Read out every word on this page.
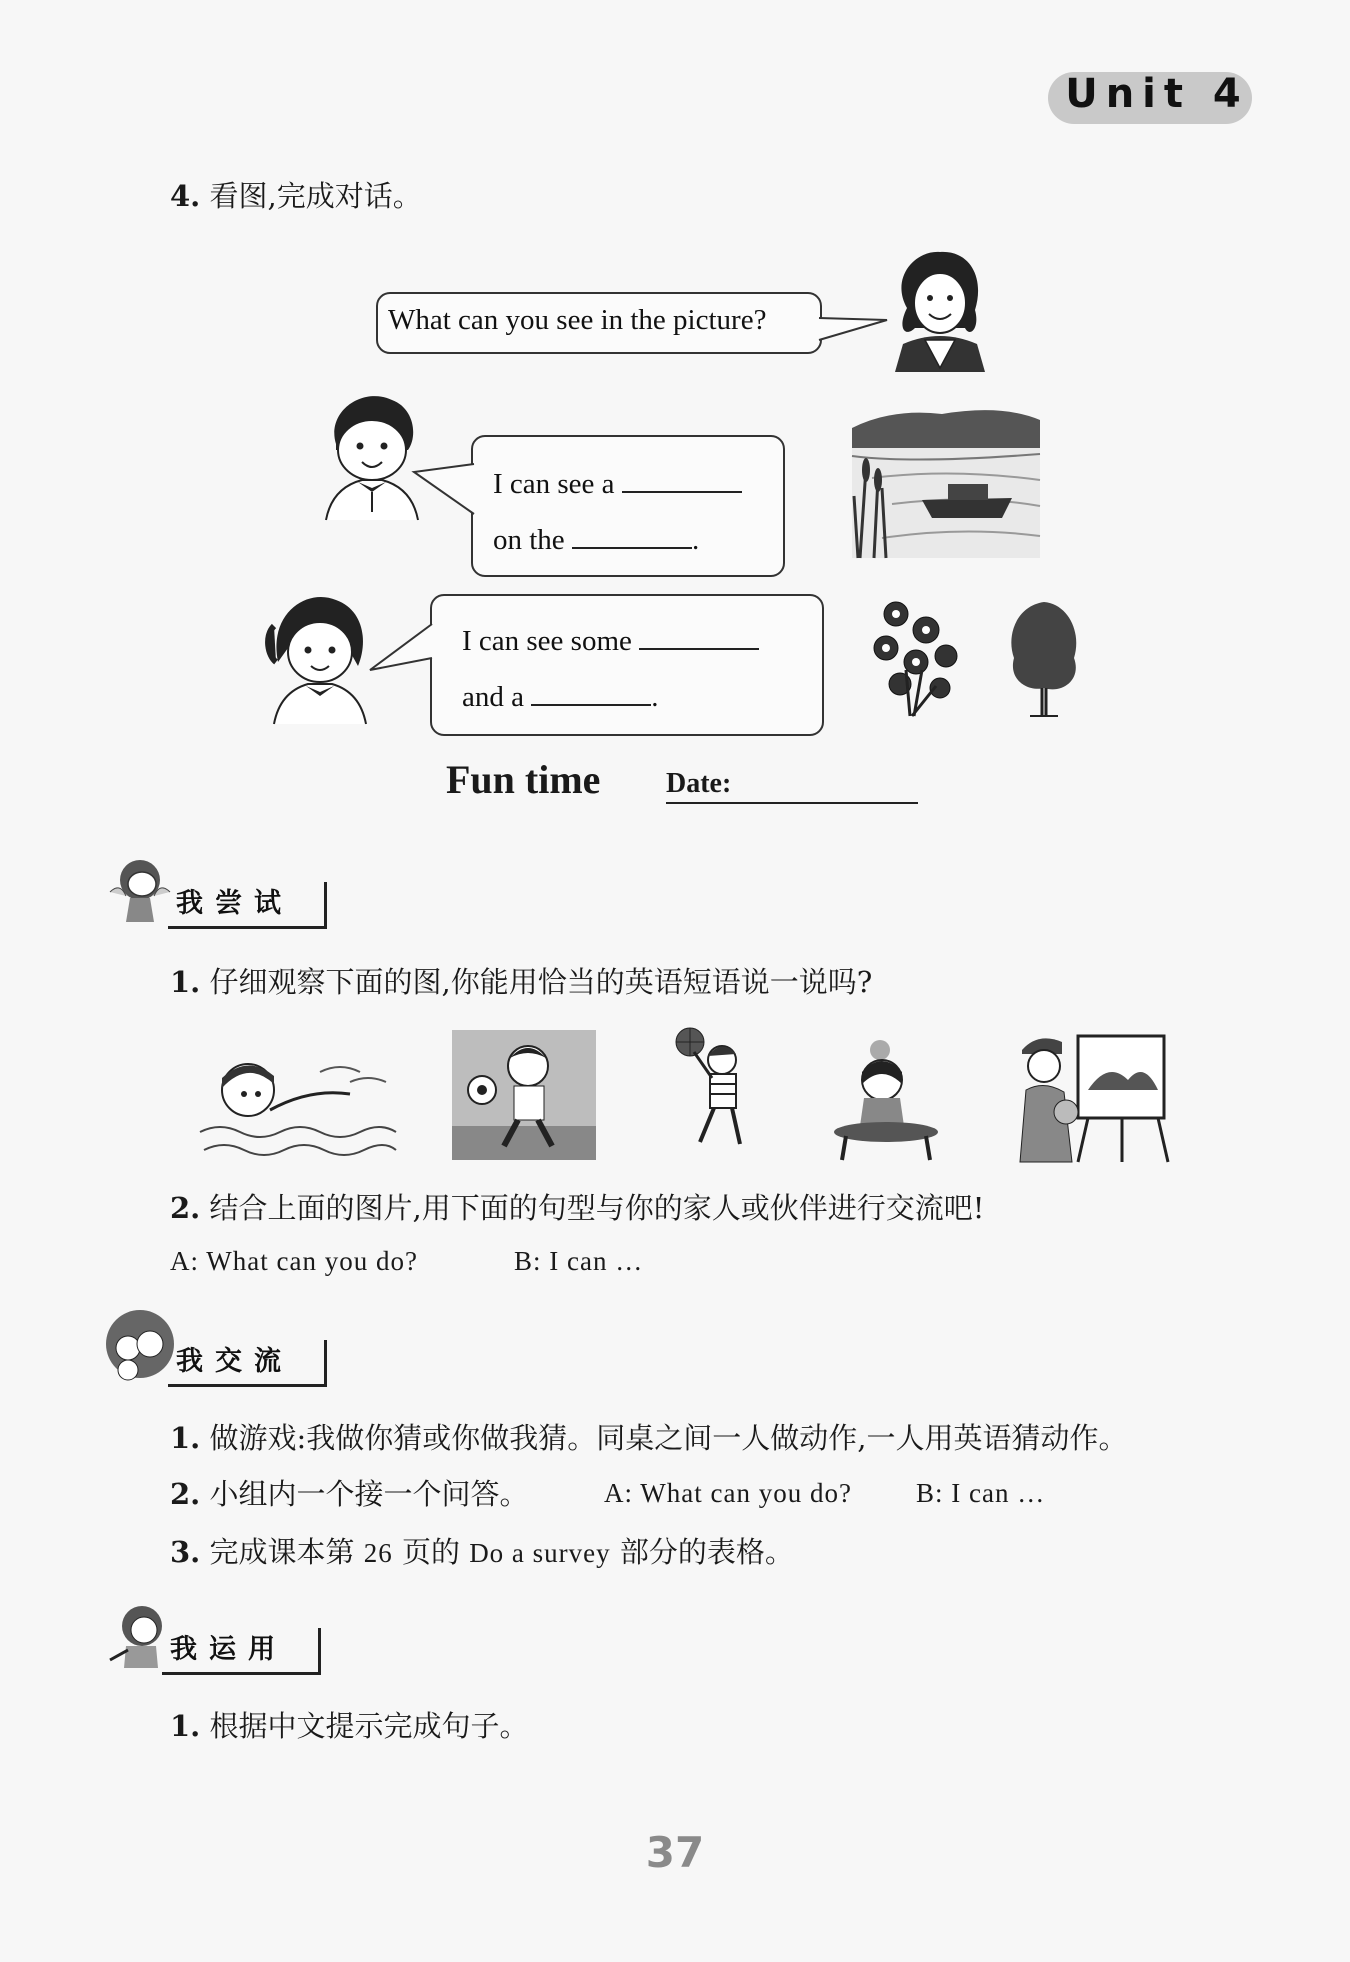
Unit 4
4. 看图,完成对话。
What can you see in the picture?
I can see a
on the	.
I can see some
and a	.
Fun time Date:
我尝试
1. 仔细观察下面的图,你能用恰当的英语短语说一说吗?
2. 结合上面的图片,用下面的句型与你的家人或伙伴进行交流吧!
A: What can you do?	B: I can …
我交流
1. 做游戏:我做你猜或你做我猜。同桌之间一人做动作,一人用英语猜动作。
2. 小组内一个接一个问答。	A: What can you do? B: I can …
3. 完成课本第 26 页的 Do a survey 部分的表格。
我运用
1. 根据中文提示完成句子。
37
